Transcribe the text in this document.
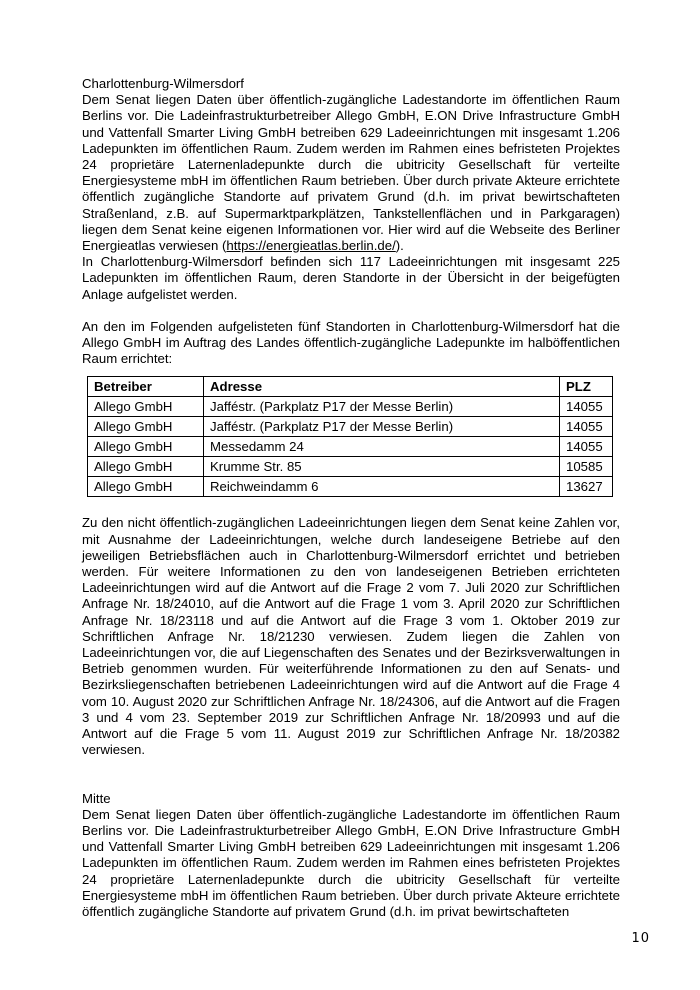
Charlottenburg-Wilmersdorf

Dem Senat liegen Daten über öffentlich-zugängliche Ladestandorte im öffentlichen Raum Berlins vor. Die Ladeinfrastrukturbetreiber Allego GmbH, E.ON Drive Infrastructure GmbH und Vattenfall Smarter Living GmbH betreiben 629 Ladeeinrichtungen mit insgesamt 1.206 Ladepunkten im öffentlichen Raum. Zudem werden im Rahmen eines befristeten Projektes 24 proprietäre Laternenladepunkte durch die ubitricity Gesellschaft für verteilte Energiesysteme mbH im öffentlichen Raum betrieben. Über durch private Akteure errichtete öffentlich zugängliche Standorte auf privatem Grund (d.h. im privat bewirtschafteten Straßenland, z.B. auf Supermarktparkplätzen, Tankstellenflächen und in Parkgaragen) liegen dem Senat keine eigenen Informationen vor. Hier wird auf die Webseite des Berliner Energieatlas verwiesen (https://energieatlas.berlin.de/).

In Charlottenburg-Wilmersdorf befinden sich 117 Ladeeinrichtungen mit insgesamt 225 Ladepunkten im öffentlichen Raum, deren Standorte in der Übersicht in der beigefügten Anlage aufgelistet werden.

An den im Folgenden aufgelisteten fünf Standorten in Charlottenburg-Wilmersdorf hat die Allego GmbH im Auftrag des Landes öffentlich-zugängliche Ladepunkte im halböffentlichen Raum errichtet:

Betreiber	Adresse	PLZ
Allego GmbH	Jafféstr. (Parkplatz P17 der Messe Berlin)	14055
Allego GmbH	Jafféstr. (Parkplatz P17 der Messe Berlin)	14055
Allego GmbH	Messedamm 24	14055
Allego GmbH	Krumme Str. 85	10585
Allego GmbH	Reichweindamm 6	13627

Zu den nicht öffentlich-zugänglichen Ladeeinrichtungen liegen dem Senat keine Zahlen vor, mit Ausnahme der Ladeeinrichtungen, welche durch landeseigene Betriebe auf den jeweiligen Betriebsflächen auch in Charlottenburg-Wilmersdorf errichtet und betrieben werden. Für weitere Informationen zu den von landeseigenen Betrieben errichteten Ladeeinrichtungen wird auf die Antwort auf die Frage 2 vom 7. Juli 2020 zur Schriftlichen Anfrage Nr. 18/24010, auf die Antwort auf die Frage 1 vom 3. April 2020 zur Schriftlichen Anfrage Nr. 18/23118 und auf die Antwort auf die Frage 3 vom 1. Oktober 2019 zur Schriftlichen Anfrage Nr. 18/21230 verwiesen. Zudem liegen die Zahlen von Ladeeinrichtungen vor, die auf Liegenschaften des Senates und der Bezirksverwaltungen in Betrieb genommen wurden. Für weiterführende Informationen zu den auf Senats- und Bezirksliegenschaften betriebenen Ladeeinrichtungen wird auf die Antwort auf die Frage 4 vom 10. August 2020 zur Schriftlichen Anfrage Nr. 18/24306, auf die Antwort auf die Fragen 3 und 4 vom 23. September 2019 zur Schriftlichen Anfrage Nr. 18/20993 und auf die Antwort auf die Frage 5 vom 11. August 2019 zur Schriftlichen Anfrage Nr. 18/20382 verwiesen.

Mitte

Dem Senat liegen Daten über öffentlich-zugängliche Ladestandorte im öffentlichen Raum Berlins vor. Die Ladeinfrastrukturbetreiber Allego GmbH, E.ON Drive Infrastructure GmbH und Vattenfall Smarter Living GmbH betreiben 629 Ladeeinrichtungen mit insgesamt 1.206 Ladepunkten im öffentlichen Raum. Zudem werden im Rahmen eines befristeten Projektes 24 proprietäre Laternenladepunkte durch die ubitricity Gesellschaft für verteilte Energiesysteme mbH im öffentlichen Raum betrieben. Über durch private Akteure errichtete öffentlich zugängliche Standorte auf privatem Grund (d.h. im privat bewirtschafteten

10
